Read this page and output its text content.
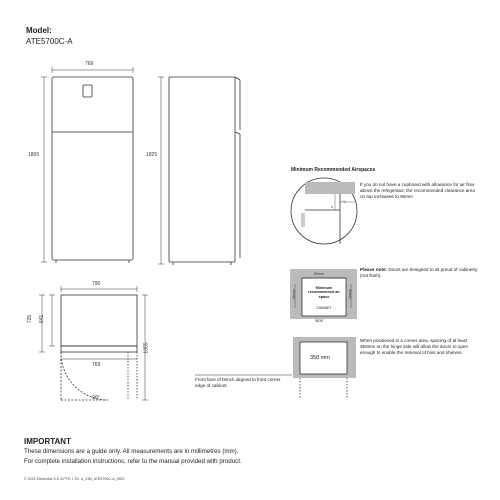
Model:
ATE5700C-A
769
1805	1825
790
769
725 641
1055
90°
Minimum Recommended Airspaces
If you do not have a cupboard with allowance for air flow above the refrigerator, the recommended clearance area on top increases to 90mm
x
Y
50mm
50mm	50mm
Minimum recommended air space
CABINET
SIDE
Please note: Doors are designed to sit proud of cabinetry (not flush).
350 mm
When positioned in a corner area, spacing of at least 350mm on the hinge side will allow the doors to open enough to enable the removal of bins and shelves.
Front face of bench aligned to front corner edge of cabinet.
IMPORTANT
These dimensions are a guide only. All measurements are in millimetres (mm).
For complete installation instructions, refer to the manual provided with product.
© 2022 Electrolux S.E.A PTE. LTD. A_DIM_ATE5700C-A_0922
